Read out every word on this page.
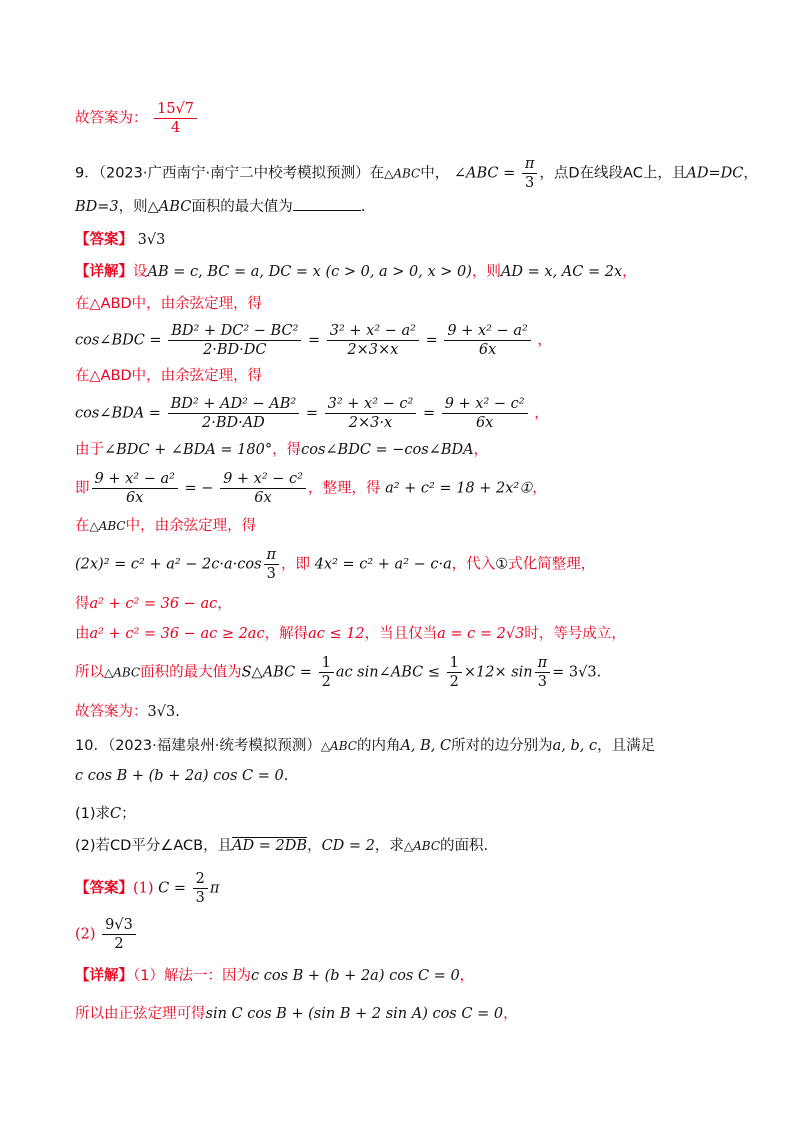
故答案为： $\frac{15√7}{4}$
9．（2023·广西南宁·南宁二中校考模拟预测）在△ABC中， ∠ABC = $\frac{\pi}{3}$ ，点D在线段AC上，且AD=DC，
BD=3，则△ABC面积的最大值为	.
【答案】 3√3
【详解】设AB = c, BC = a, DC = x (c > 0, a > 0, x > 0)，则AD = x, AC = 2x，
在△ABD中，由余弦定理，得
cos∠BDC = $\frac{\text{BD² + DC² − BC²}}{2\cdot BD\cdot DC} = \frac{\text{3² + x² − a²}}{2\times 3\times x} = \frac{\text{9 + x² − a²}}{6x}$ ，
在△ABD中，由余弦定理，得
cos∠BDA = $\frac{\text{BD² + AD² − AB²}}{2\cdot BD\cdot AD} = \frac{\text{3² + x² − c²}}{2\times 3\cdot x} = \frac{\text{9 + x² − c²}}{6x}$ ，
由于∠BDC + ∠BDA = 180°，得cos∠BDC = −cos∠BDA，
即 $\frac{\text{9 + x² − a²}}{6x}$ = − $\frac{\text{9 + x² − c²}}{6x}$ ，整理，得 a² + c² = 18 + 2x²①，
在△ABC中，由余弦定理，得
$(2x)^2 = c^2 + a^2 - 2c\cdot a\cdot\cos \frac{\pi}{3}$ ，即 4x² = c² + a² − c·a，代入①式化简整理，
得a² + c² = 36 − ac，
由a² + c² = 36 − ac ≥ 2ac，解得ac ≤ 12，当且仅当a = c = 2√3时，等号成立，
所以△ABC面积的最大值为S△ABC = $\frac{1}{2}$ ac sin∠ABC ≤ $\frac{1}{2} \times 12\times \sin \frac{\pi}{3} = 3√3$.
故答案为：3√3.
10．（2023·福建泉州·统考模拟预测）△ABC的内角A, B, C所对的边分别为a, b, c，且满足
c cos B + (b + 2a) cos C = 0.
(1)求C；
(2)若CD平分∠ACB，且AD = 2DB，CD = 2，求△ABC的面积.
【答案】(1) $C = \frac{2}{3}$ π
$(2) \frac{9√3}{2}$
【详解】（1）解法一：因为c cos B + (b + 2a) cos C = 0，
所以由正弦定理可得sin C cos B + (sin B + 2 sin A) cos C = 0，
